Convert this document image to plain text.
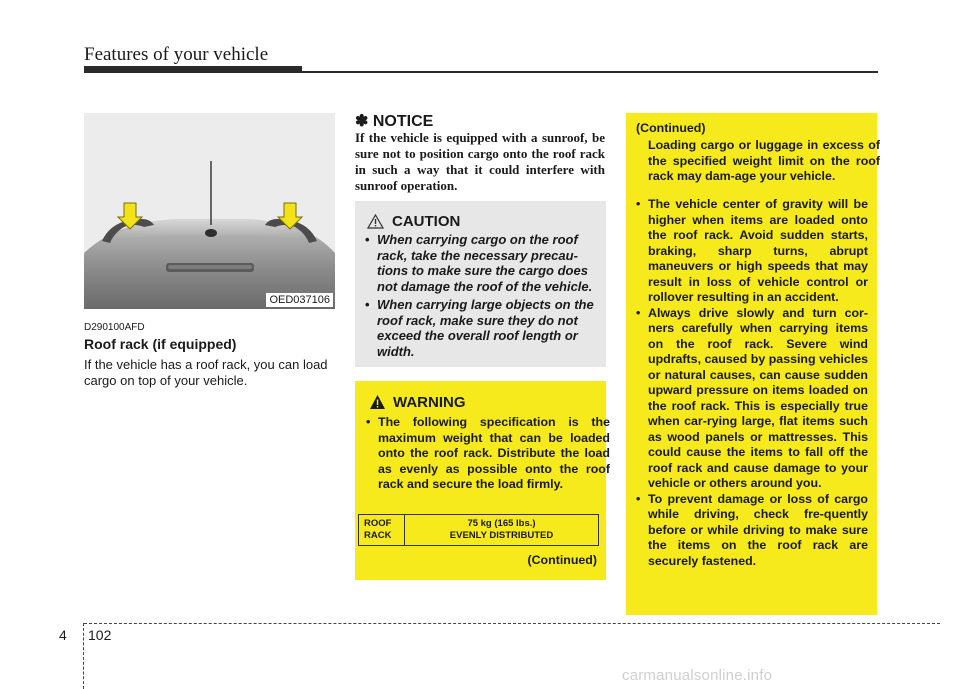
Features of your vehicle
OED037106
D290100AFD
Roof rack (if equipped)
If the vehicle has a roof rack, you can load cargo on top of your vehicle.
✽ NOTICE
If the vehicle is equipped with a sunroof, be sure not to position cargo onto the roof rack in such a way that it could interfere with sunroof operation.
CAUTION
• When carrying cargo on the roof rack, take the necessary precau-tions to make sure the cargo does not damage the roof of the vehicle.
• When carrying large objects on the roof rack, make sure they do not exceed the overall roof length or width.
WARNING
• The following specification is the maximum weight that can be loaded onto the roof rack. Distribute the load as evenly as possible onto the roof rack and secure the load firmly.
ROOF
RACK
75 kg (165 lbs.)
EVENLY DISTRIBUTED
(Continued)
(Continued)
Loading cargo or luggage in excess of the specified weight limit on the roof rack may dam-age your vehicle.
• The vehicle center of gravity will be higher when items are loaded onto the roof rack. Avoid sudden starts, braking, sharp turns, abrupt maneuvers or high speeds that may result in loss of vehicle control or rollover resulting in an accident.
• Always drive slowly and turn cor-ners carefully when carrying items on the roof rack. Severe wind updrafts, caused by passing vehicles or natural causes, can cause sudden upward pressure on items loaded on the roof rack. This is especially true when car-rying large, flat items such as wood panels or mattresses. This could cause the items to fall off the roof rack and cause damage to your vehicle or others around you.
• To prevent damage or loss of cargo while driving, check fre-quently before or while driving to make sure the items on the roof rack are securely fastened.
4 102
carmanualsonline.info
